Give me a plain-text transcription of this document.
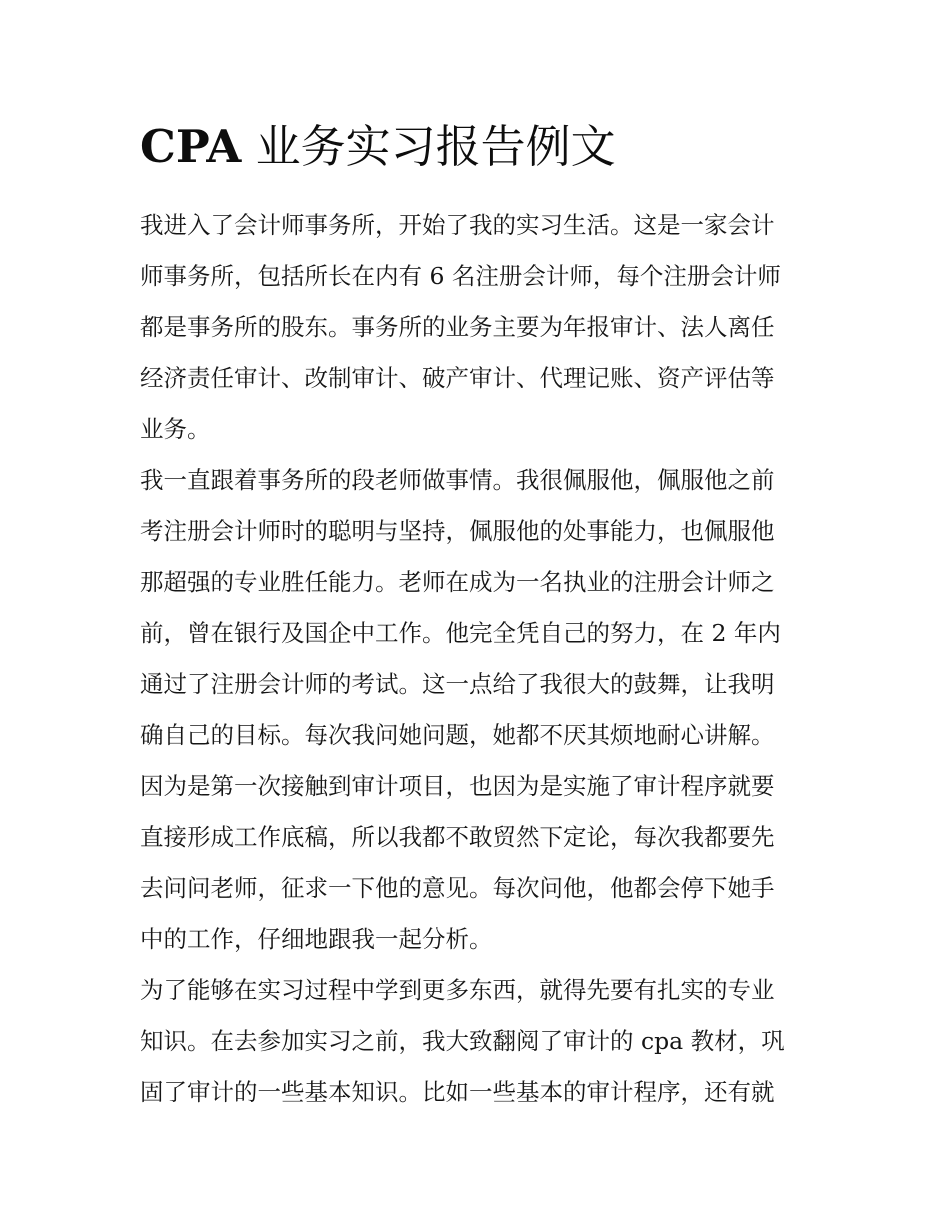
CPA 业务实习报告例文

我进入了会计师事务所，开始了我的实习生活。这是一家会计
师事务所，包括所长在内有 6 名注册会计师，每个注册会计师
都是事务所的股东。事务所的业务主要为年报审计、法人离任
经济责任审计、改制审计、破产审计、代理记账、资产评估等
业务。

我一直跟着事务所的段老师做事情。我很佩服他，佩服他之前
考注册会计师时的聪明与坚持，佩服他的处事能力，也佩服他
那超强的专业胜任能力。老师在成为一名执业的注册会计师之
前，曾在银行及国企中工作。他完全凭自己的努力，在 2 年内
通过了注册会计师的考试。这一点给了我很大的鼓舞，让我明
确自己的目标。每次我问她问题，她都不厌其烦地耐心讲解。

因为是第一次接触到审计项目，也因为是实施了审计程序就要
直接形成工作底稿，所以我都不敢贸然下定论，每次我都要先
去问问老师，征求一下他的意见。每次问他，他都会停下她手
中的工作，仔细地跟我一起分析。

为了能够在实习过程中学到更多东西，就得先要有扎实的专业
知识。在去参加实习之前，我大致翻阅了审计的 cpa 教材，巩
固了审计的一些基本知识。比如一些基本的审计程序，还有就
